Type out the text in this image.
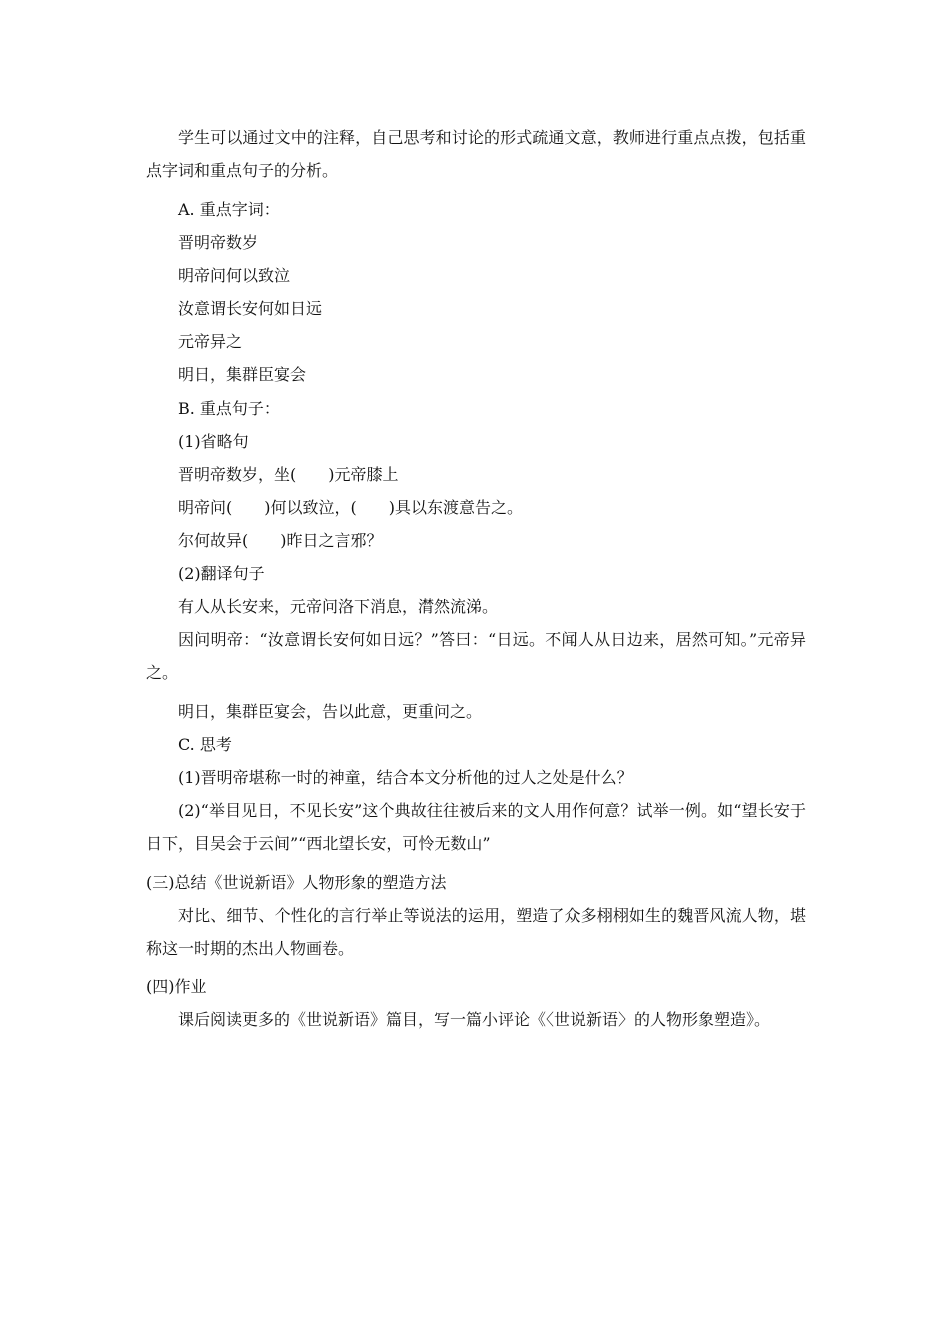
学生可以通过文中的注释，自己思考和讨论的形式疏通文意，教师进行重点点拨，包括重点字词和重点句子的分析。
A. 重点字词：
晋明帝数岁
明帝问何以致泣
汝意谓长安何如日远
元帝异之
明日，集群臣宴会
B. 重点句子：
(1)省略句
晋明帝数岁，坐(　　)元帝膝上
明帝问(　　)何以致泣，(　　)具以东渡意告之。
尔何故异(　　)昨日之言邪？
(2)翻译句子
有人从长安来，元帝问洛下消息，潸然流涕。
因问明帝：“汝意谓长安何如日远？”答曰：“日远。不闻人从日边来，居然可知。”元帝异之。
明日，集群臣宴会，告以此意，更重问之。
C. 思考
(1)晋明帝堪称一时的神童，结合本文分析他的过人之处是什么？
(2)“举目见日，不见长安”这个典故往往被后来的文人用作何意？试举一例。如“望长安于日下，目吴会于云间”“西北望长安，可怜无数山”
(三)总结《世说新语》人物形象的塑造方法
对比、细节、个性化的言行举止等说法的运用，塑造了众多栩栩如生的魏晋风流人物，堪称这一时期的杰出人物画卷。
(四)作业
课后阅读更多的《世说新语》篇目，写一篇小评论《〈世说新语〉的人物形象塑造》。
